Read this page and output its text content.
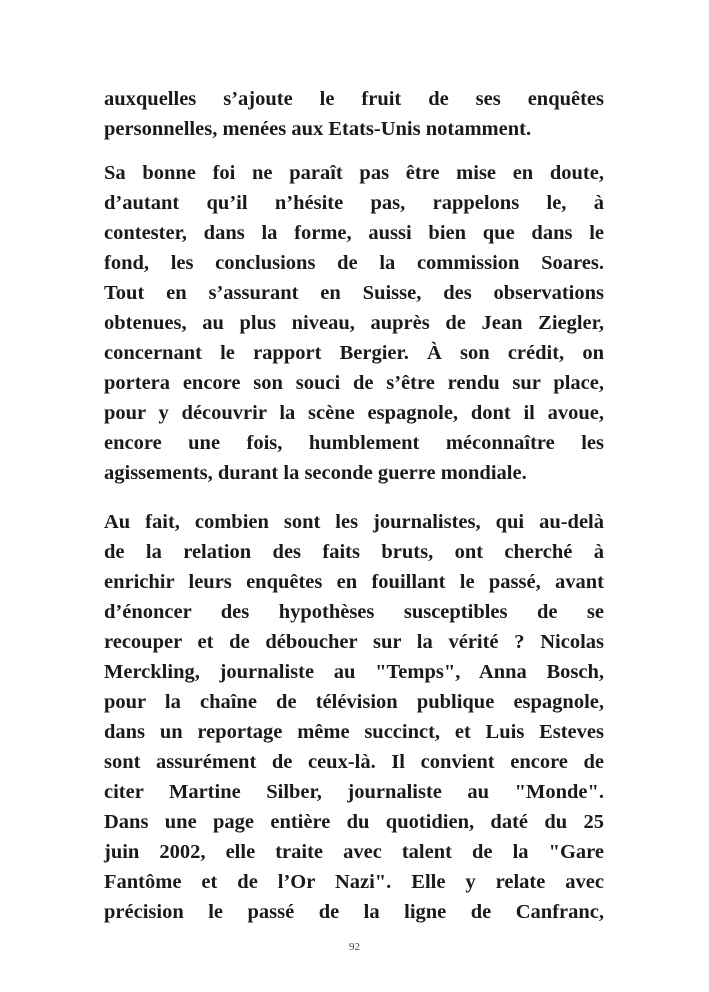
auxquelles s’ajoute le fruit de ses enquêtes
personnelles, menées aux Etats-Unis notamment.
Sa bonne foi ne paraît pas être mise en doute,
d’autant qu’il n’hésite pas, rappelons le, à
contester, dans la forme, aussi bien que dans le
fond, les conclusions de la commission Soares.
Tout en s’assurant en Suisse, des observations
obtenues, au plus niveau, auprès de Jean Ziegler,
concernant le rapport Bergier. À son crédit, on
portera encore son souci de s’être rendu sur place,
pour y découvrir la scène espagnole, dont il avoue,
encore une fois, humblement méconnaître les
agissements, durant la seconde guerre mondiale.
Au fait, combien sont les journalistes, qui au-delà
de la relation des faits bruts, ont cherché à
enrichir leurs enquêtes en fouillant le passé, avant
d’énoncer des hypothèses susceptibles de se
recouper et de déboucher sur la vérité ? Nicolas
Merckling, journaliste au "Temps", Anna Bosch,
pour la chaîne de télévision publique espagnole,
dans un reportage même succinct, et Luis Esteves
sont assurément de ceux-là. Il convient encore de
citer Martine Silber, journaliste au "Monde".
Dans une page entière du quotidien, daté du 25
juin 2002, elle traite avec talent de la "Gare
Fantôme et de l’Or Nazi". Elle y relate avec
précision le passé de la ligne de Canfranc,
92
